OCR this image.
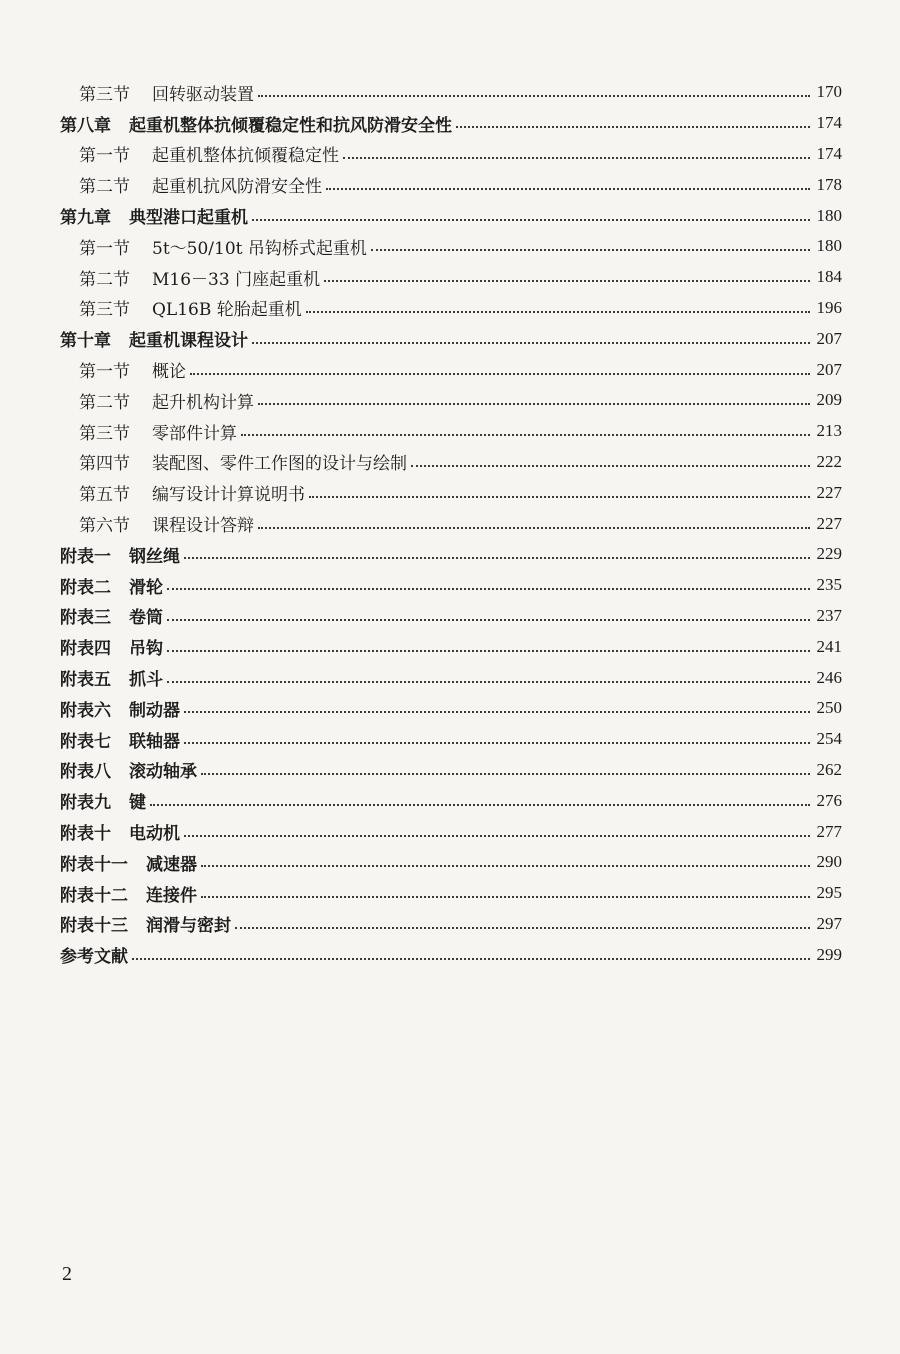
第三节 回转驱动装置	170
第八章 起重机整体抗倾覆稳定性和抗风防滑安全性	174
第一节 起重机整体抗倾覆稳定性	174
第二节 起重机抗风防滑安全性	178
第九章 典型港口起重机	180
第一节 5t～50/10t 吊钩桥式起重机	180
第二节 M16－33 门座起重机	184
第三节 QL16B 轮胎起重机	196
第十章 起重机课程设计	207
第一节 概论	207
第二节 起升机构计算	209
第三节 零部件计算	213
第四节 装配图、零件工作图的设计与绘制	222
第五节 编写设计计算说明书	227
第六节 课程设计答辩	227
附表一 钢丝绳	229
附表二 滑轮	235
附表三 卷筒	237
附表四 吊钩	241
附表五 抓斗	246
附表六 制动器	250
附表七 联轴器	254
附表八 滚动轴承	262
附表九 键	276
附表十 电动机	277
附表十一 减速器	290
附表十二 连接件	295
附表十三 润滑与密封	297
参考文献	299
2
